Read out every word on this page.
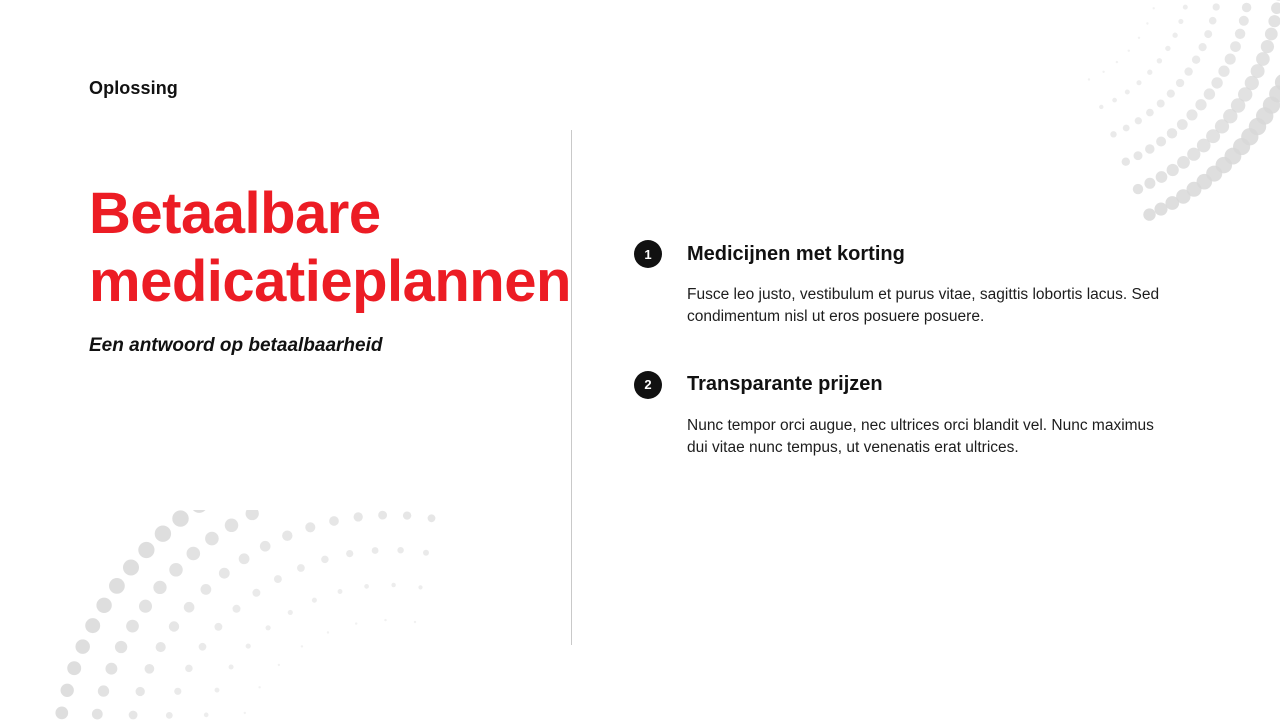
Oplossing
Betaalbare medicatieplannen
Een antwoord op betaalbaarheid
1	Medicijnen met korting
Fusce leo justo, vestibulum et purus vitae, sagittis lobortis lacus. Sed condimentum nisl ut eros posuere posuere.
2	Transparante prijzen
Nunc tempor orci augue, nec ultrices orci blandit vel. Nunc maximus dui vitae nunc tempus, ut venenatis erat ultrices.
